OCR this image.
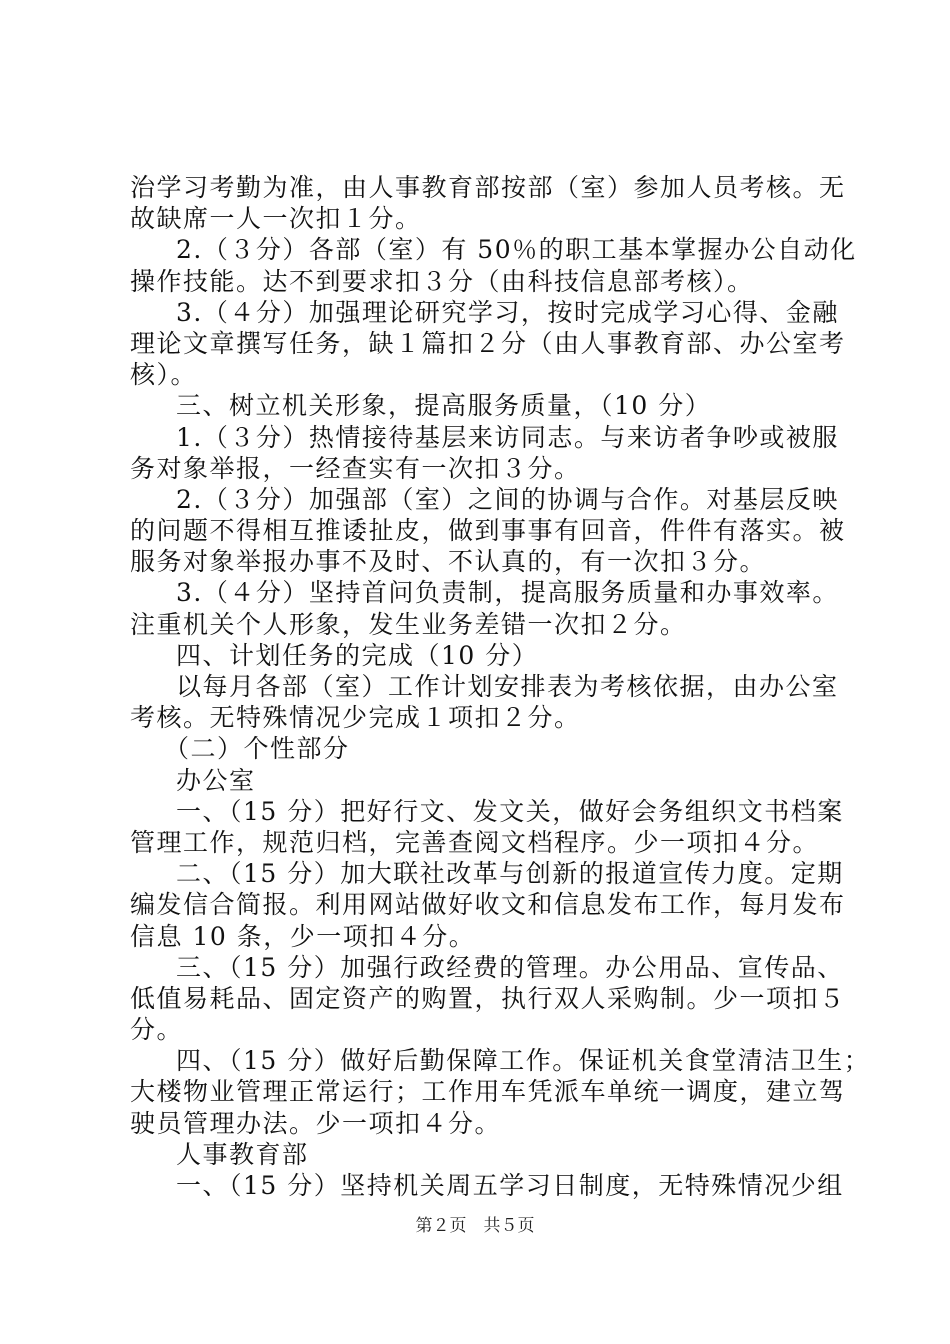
治学习考勤为准，由人事教育部按部（室）参加人员考核。无
故缺席一人一次扣１分。
2.（３分）各部（室）有 50％的职工基本掌握办公自动化
操作技能。达不到要求扣３分（由科技信息部考核）。
3.（４分）加强理论研究学习，按时完成学习心得、金融
理论文章撰写任务，缺１篇扣２分（由人事教育部、办公室考
核）。
三、树立机关形象，提高服务质量，（10 分）
1.（３分）热情接待基层来访同志。与来访者争吵或被服
务对象举报，一经查实有一次扣３分。
2.（３分）加强部（室）之间的协调与合作。对基层反映
的问题不得相互推诿扯皮，做到事事有回音，件件有落实。被
服务对象举报办事不及时、不认真的，有一次扣３分。
3.（４分）坚持首问负责制，提高服务质量和办事效率。
注重机关个人形象，发生业务差错一次扣２分。
四、计划任务的完成（10 分）
以每月各部（室）工作计划安排表为考核依据，由办公室
考核。无特殊情况少完成１项扣２分。
（二）个性部分
办公室
一、（15 分）把好行文、发文关，做好会务组织文书档案
管理工作，规范归档，完善查阅文档程序。少一项扣４分。
二、（15 分）加大联社改革与创新的报道宣传力度。定期
编发信合简报。利用网站做好收文和信息发布工作，每月发布
信息 10 条，少一项扣４分。
三、（15 分）加强行政经费的管理。办公用品、宣传品、
低值易耗品、固定资产的购置，执行双人采购制。少一项扣５
分。
四、（15 分）做好后勤保障工作。保证机关食堂清洁卫生；
大楼物业管理正常运行；工作用车凭派车单统一调度，建立驾
驶员管理办法。少一项扣４分。
人事教育部
一、（15 分）坚持机关周五学习日制度，无特殊情况少组
第２页　共５页
